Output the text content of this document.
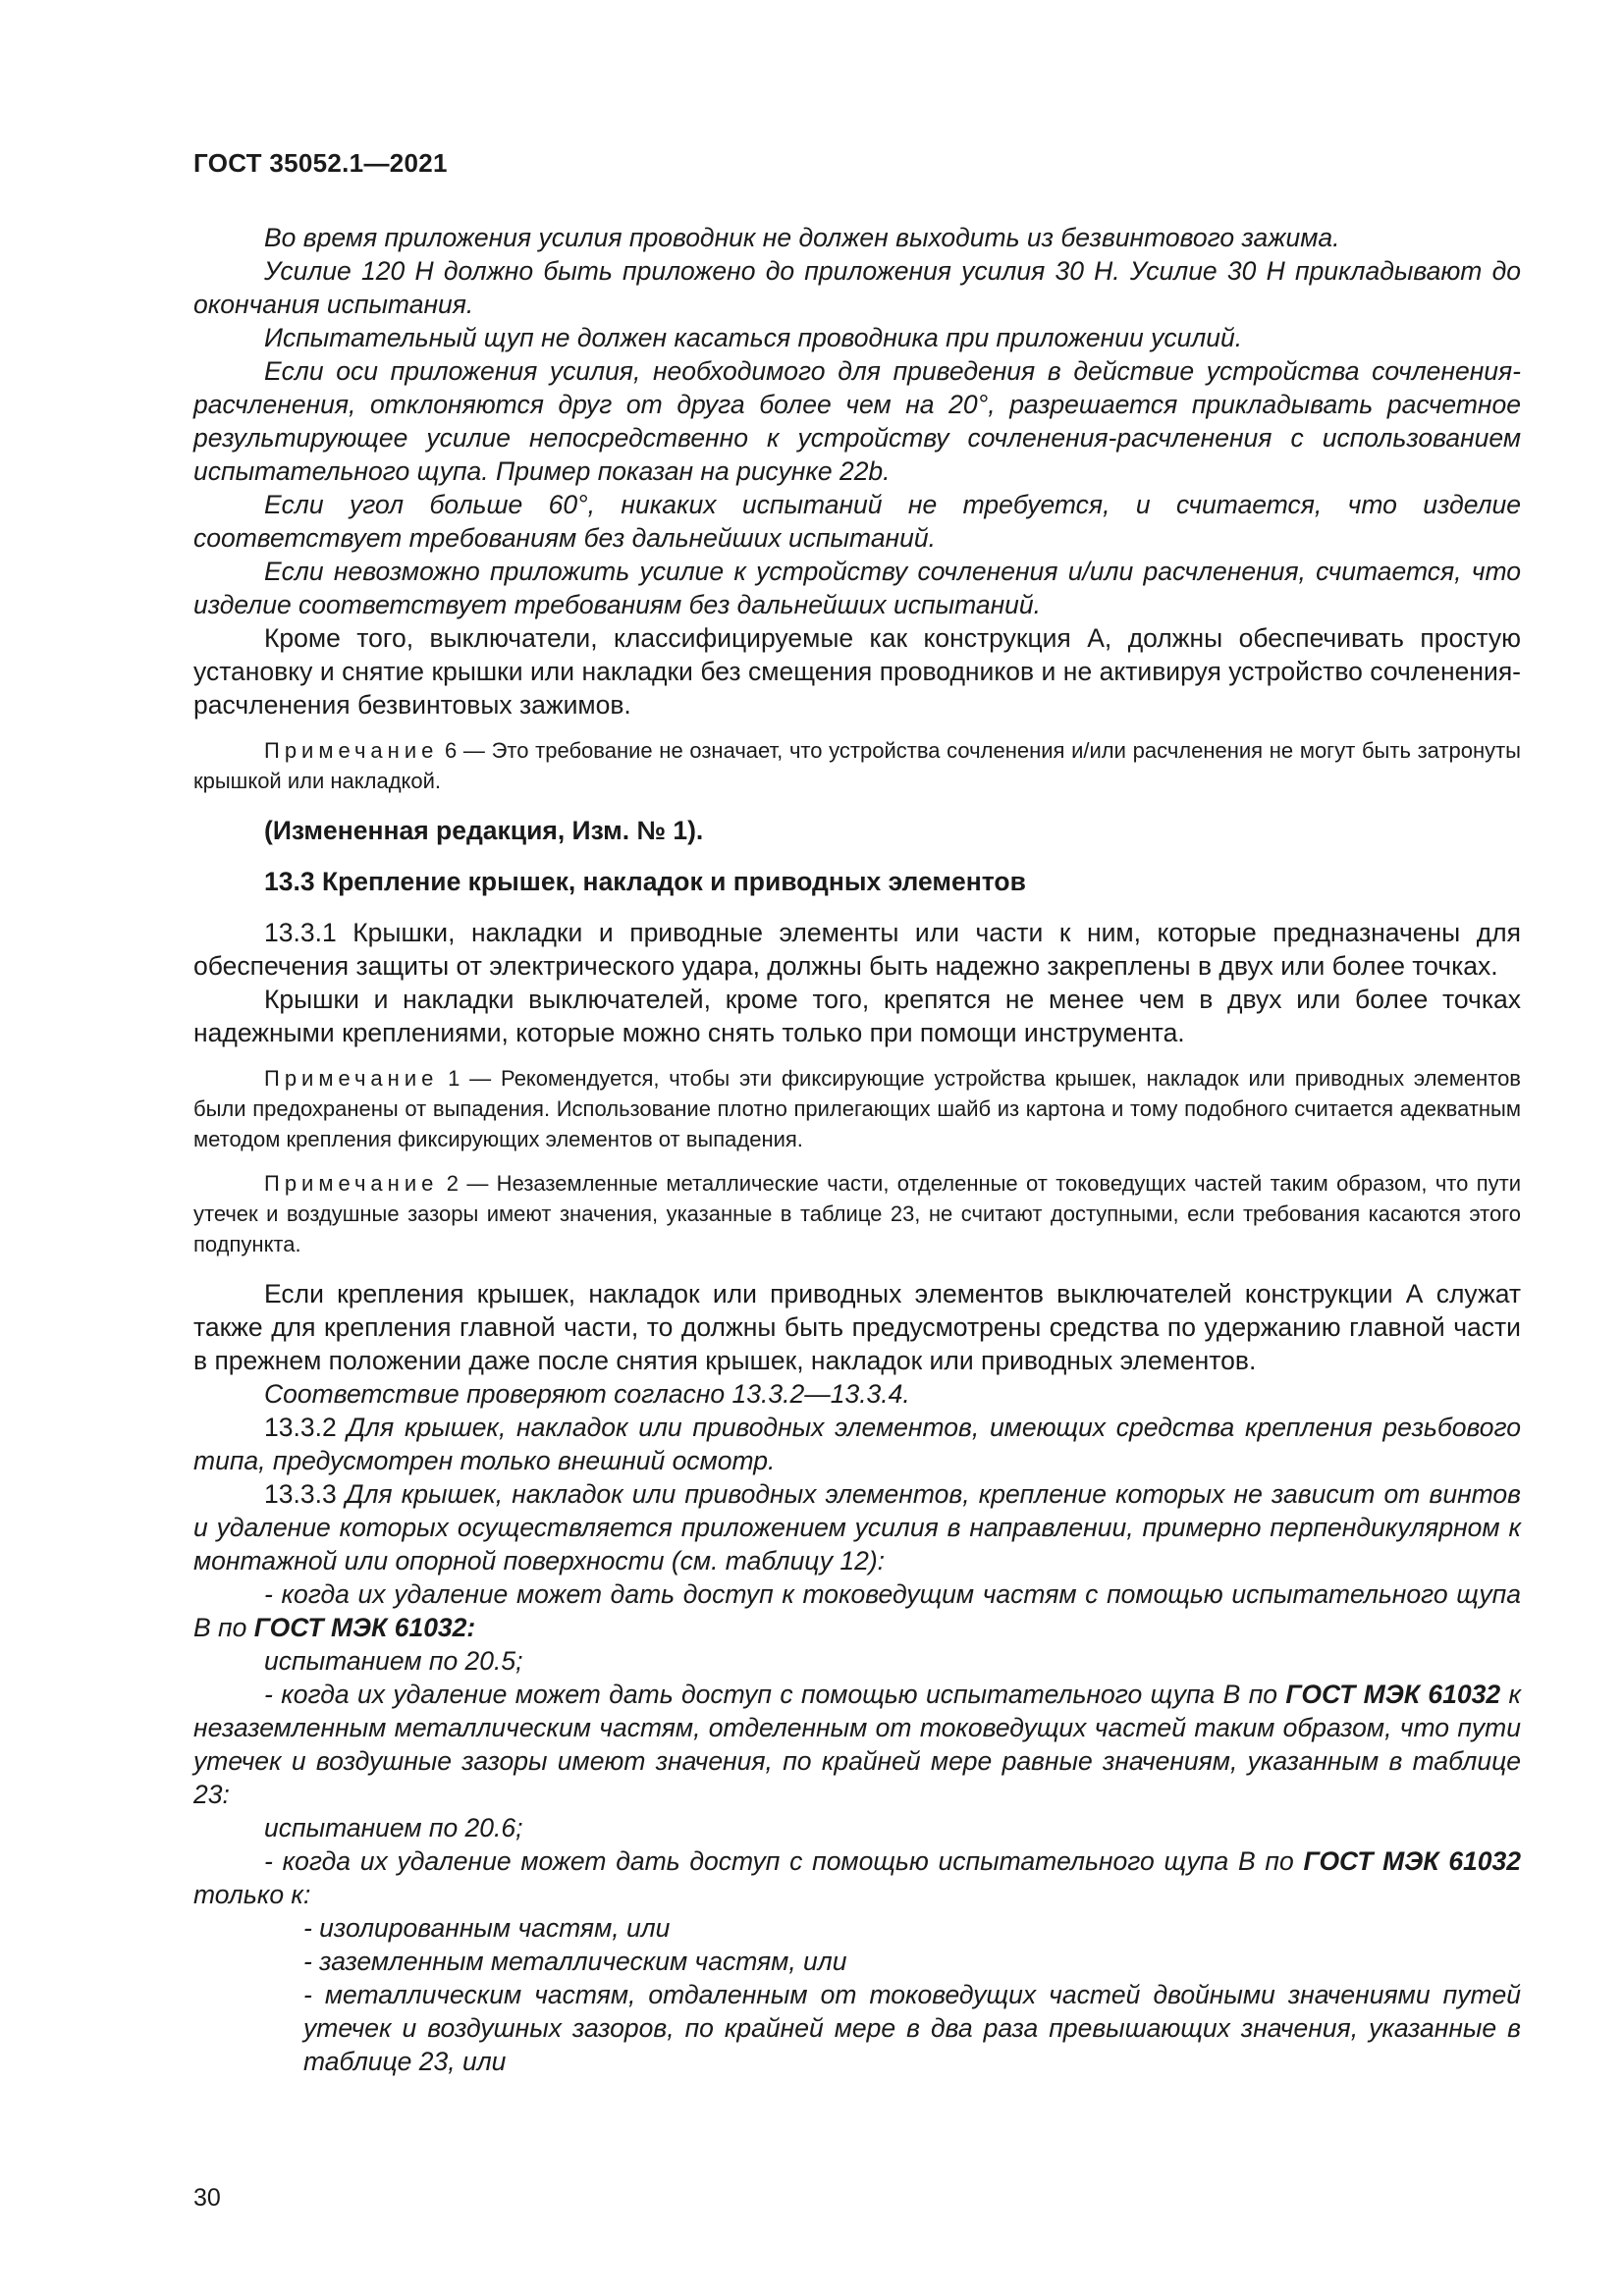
ГОСТ 35052.1—2021

Во время приложения усилия проводник не должен выходить из безвинтового зажима.

Усилие 120 Н должно быть приложено до приложения усилия 30 Н. Усилие 30 Н прикладывают до окончания испытания.

Испытательный щуп не должен касаться проводника при приложении усилий.

Если оси приложения усилия, необходимого для приведения в действие устройства сочленения-расчленения, отклоняются друг от друга более чем на 20°, разрешается прикладывать расчетное результирующее усилие непосредственно к устройству сочленения-расчленения с использованием испытательного щупа. Пример показан на рисунке 22b.

Если угол больше 60°, никаких испытаний не требуется, и считается, что изделие соответствует требованиям без дальнейших испытаний.

Если невозможно приложить усилие к устройству сочленения и/или расчленения, считается, что изделие соответствует требованиям без дальнейших испытаний.

Кроме того, выключатели, классифицируемые как конструкция А, должны обеспечивать простую установку и снятие крышки или накладки без смещения проводников и не активируя устройство сочленения-расчленения безвинтовых зажимов.

Примечание 6 — Это требование не означает, что устройства сочленения и/или расчленения не могут быть затронуты крышкой или накладкой.

(Измененная редакция, Изм. № 1).

13.3 Крепление крышек, накладок и приводных элементов

13.3.1 Крышки, накладки и приводные элементы или части к ним, которые предназначены для обеспечения защиты от электрического удара, должны быть надежно закреплены в двух или более точках.

Крышки и накладки выключателей, кроме того, крепятся не менее чем в двух или более точках надежными креплениями, которые можно снять только при помощи инструмента.

Примечание 1 — Рекомендуется, чтобы эти фиксирующие устройства крышек, накладок или приводных элементов были предохранены от выпадения. Использование плотно прилегающих шайб из картона и тому подобного считается адекватным методом крепления фиксирующих элементов от выпадения.

Примечание 2 — Незаземленные металлические части, отделенные от токоведущих частей таким образом, что пути утечек и воздушные зазоры имеют значения, указанные в таблице 23, не считают доступными, если требования касаются этого подпункта.

Если крепления крышек, накладок или приводных элементов выключателей конструкции А служат также для крепления главной части, то должны быть предусмотрены средства по удержанию главной части в прежнем положении даже после снятия крышек, накладок или приводных элементов.

Соответствие проверяют согласно 13.3.2—13.3.4.

13.3.2 Для крышек, накладок или приводных элементов, имеющих средства крепления резьбового типа, предусмотрен только внешний осмотр.

13.3.3 Для крышек, накладок или приводных элементов, крепление которых не зависит от винтов и удаление которых осуществляется приложением усилия в направлении, примерно перпендикулярном к монтажной или опорной поверхности (см. таблицу 12):

- когда их удаление может дать доступ к токоведущим частям с помощью испытательного щупа В по ГОСТ МЭК 61032:

испытанием по 20.5;

- когда их удаление может дать доступ с помощью испытательного щупа В по ГОСТ МЭК 61032 к незаземленным металлическим частям, отделенным от токоведущих частей таким образом, что пути утечек и воздушные зазоры имеют значения, по крайней мере равные значениям, указанным в таблице 23:

испытанием по 20.6;

- когда их удаление может дать доступ с помощью испытательного щупа В по ГОСТ МЭК 61032 только к:

- изолированным частям, или

- заземленным металлическим частям, или

- металлическим частям, отдаленным от токоведущих частей двойными значениями путей утечек и воздушных зазоров, по крайней мере в два раза превышающих значения, указанные в таблице 23, или

30
